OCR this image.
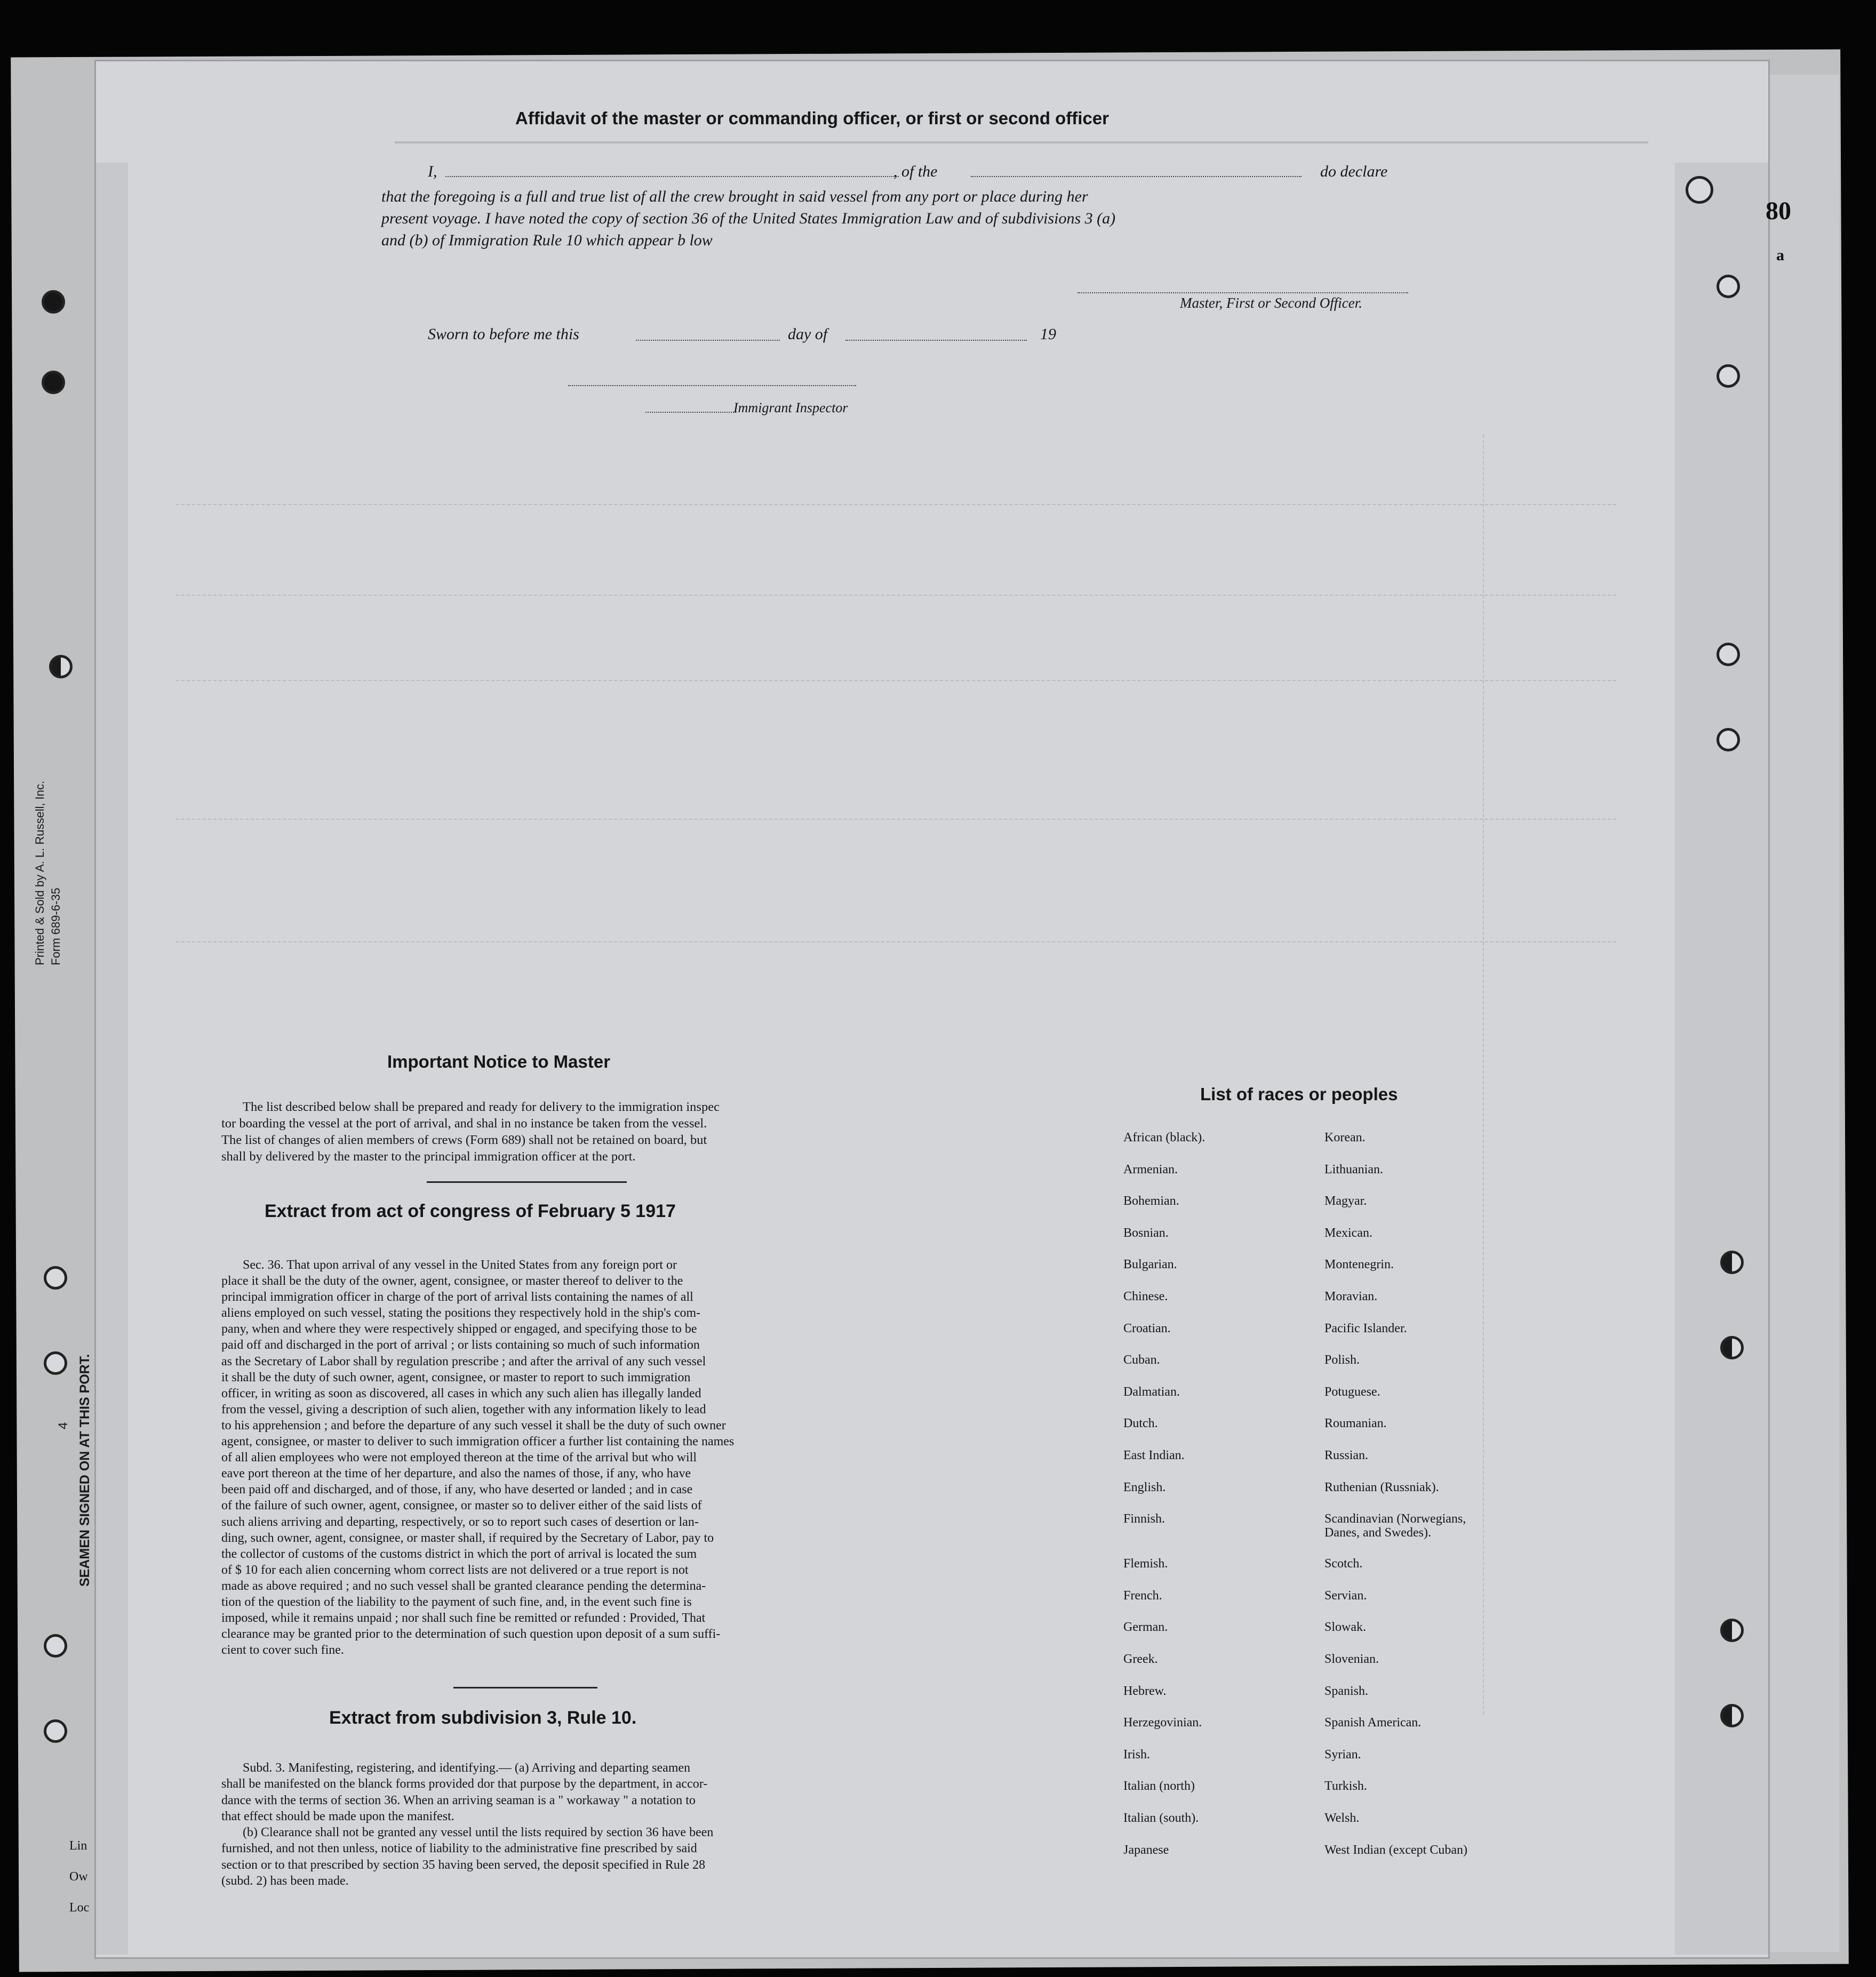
80
a
Lin
Ow
Loc
Printed & Sold by A. L. Russell, Inc. Form 689-6-35
SEAMEN SIGNED ON AT THIS PORT.
4
Affidavit of the master or commanding officer, or first or second officer
I,	, of the	do declare
that the foregoing is a full and true list of all the crew brought in said vessel from any port or place during her
present voyage. I have noted the copy of section 36 of the United States Immigration Law and of subdivisions 3 (a)
and (b) of Immigration Rule 10 which appear b low
Master, First or Second Officer.
Sworn to before me this	day of	19
Immigrant Inspector
Important Notice to Master
The list described below shall be prepared and ready for delivery to the immigration inspec
tor boarding the vessel at the port of arrival, and shal in no instance be taken from the vessel.
The list of changes of alien members of crews (Form 689) shall not be retained on board, but
shall by delivered by the master to the principal immigration officer at the port.
Extract from act of congress of February 5 1917
Sec. 36. That upon arrival of any vessel in the United States from any foreign port or
place it shall be the duty of the owner, agent, consignee, or master thereof to deliver to the
principal immigration officer in charge of the port of arrival lists containing the names of all
aliens employed on such vessel, stating the positions they respectively hold in the ship's com-
pany, when and where they were respectively shipped or engaged, and specifying those to be
paid off and discharged in the port of arrival ; or lists containing so much of such information
as the Secretary of Labor shall by regulation prescribe ; and after the arrival of any such vessel
it shall be the duty of such owner, agent, consignee, or master to report to such immigration
officer, in writing as soon as discovered, all cases in which any such alien has illegally landed
from the vessel, giving a description of such alien, together with any information likely to lead
to his apprehension ; and before the departure of any such vessel it shall be the duty of such owner
agent, consignee, or master to deliver to such immigration officer a further list containing the names
of all alien employees who were not employed thereon at the time of the arrival but who will
eave port thereon at the time of her departure, and also the names of those, if any, who have
been paid off and discharged, and of those, if any, who have deserted or landed ; and in case
of the failure of such owner, agent, consignee, or master so to deliver either of the said lists of
such aliens arriving and departing, respectively, or so to report such cases of desertion or lan-
ding, such owner, agent, consignee, or master shall, if required by the Secretary of Labor, pay to
the collector of customs of the customs district in which the port of arrival is located the sum
of $ 10 for each alien concerning whom correct lists are not delivered or a true report is not
made as above required ; and no such vessel shall be granted clearance pending the determina-
tion of the question of the liability to the payment of such fine, and, in the event such fine is
imposed, while it remains unpaid ; nor shall such fine be remitted or refunded : Provided, That
clearance may be granted prior to the determination of such question upon deposit of a sum suffi-
cient to cover such fine.
Extract from subdivision 3, Rule 10.
Subd. 3. Manifesting, registering, and identifying.— (a) Arriving and departing seamen
shall be manifested on the blanck forms provided dor that purpose by the department, in accor-
dance with the terms of section 36. When an arriving seaman is a " workaway " a notation to
that effect should be made upon the manifest.
(b) Clearance shall not be granted any vessel until the lists required by section 36 have been
furnished, and not then unless, notice of liability to the administrative fine prescribed by said
section or to that prescribed by section 35 having been served, the deposit specified in Rule 28
(subd. 2) has been made.
List of races or peoples
African (black).
Armenian.
Bohemian.
Bosnian.
Bulgarian.
Chinese.
Croatian.
Cuban.
Dalmatian.
Dutch.
East Indian.
English.
Finnish.
Flemish.
French.
German.
Greek.
Hebrew.
Herzegovinian.
Irish.
Italian (north)
Italian (south).
Japanese
Korean.
Lithuanian.
Magyar.
Mexican.
Montenegrin.
Moravian.
Pacific Islander.
Polish.
Potuguese.
Roumanian.
Russian.
Ruthenian (Russniak).
Scandinavian (Norwegians, Danes, and Swedes).
Scotch.
Servian.
Slowak.
Slovenian.
Spanish.
Spanish American.
Syrian.
Turkish.
Welsh.
West Indian (except Cuban)
